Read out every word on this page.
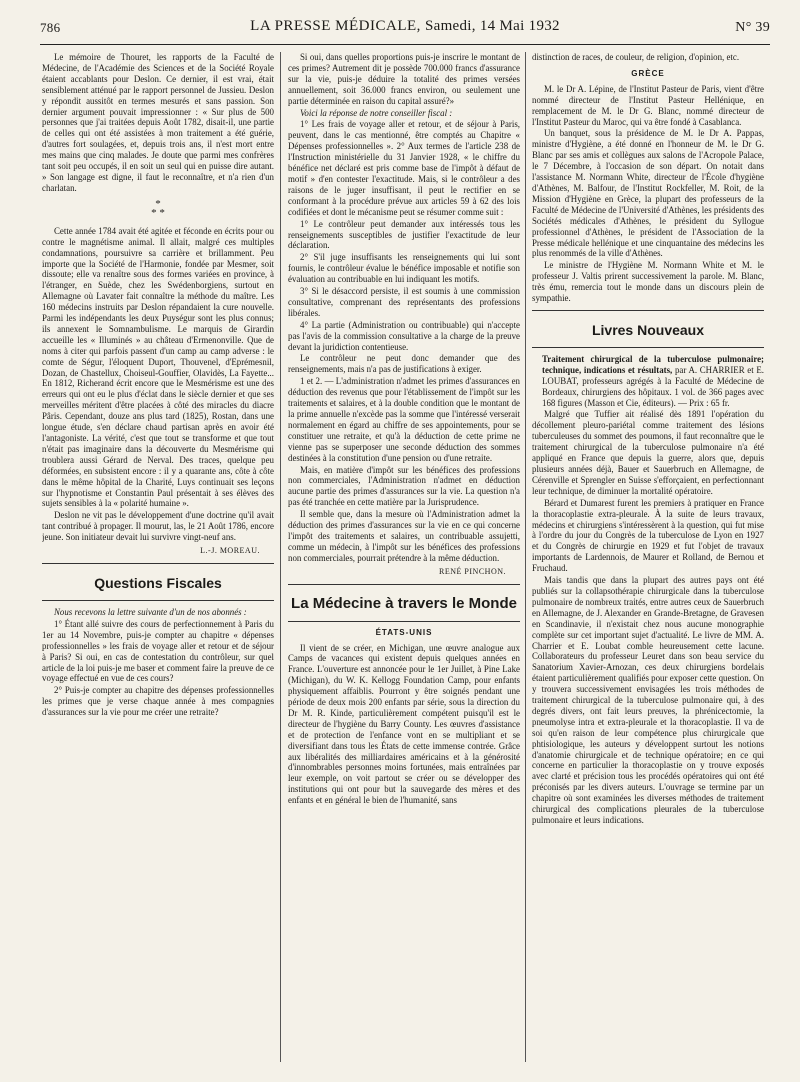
786	LA PRESSE MÉDICALE, Samedi, 14 Mai 1932	N° 39

Le mémoire de Thouret, les rapports de la Faculté de Médecine, de l'Académie des Sciences et de la Société Royale étaient accablants pour Deslon. Ce dernier, il est vrai, était sensiblement atténué par le rapport personnel de Jussieu. Deslon y répondit aussitôt en termes mesurés et sans passion. Son dernier argument pouvait impressionner : « Sur plus de 500 personnes que j'ai traitées depuis Août 1782, disait-il, une partie de celles qui ont été assistées à mon traitement a été guérie, d'autres fort soulagées, et, depuis trois ans, il n'est mort entre mes mains que cinq malades. Je doute que parmi mes confrères tant soit peu occupés, il en soit un seul qui en puisse dire autant. » Son langage est digne, il faut le reconnaître, et n'a rien d'un charlatan.

*
* *

Cette année 1784 avait été agitée et féconde en écrits pour ou contre le magnétisme animal. Il allait, malgré ces multiples condamnations, poursuivre sa carrière et brillamment. Peu importe que la Société de l'Harmonie, fondée par Mesmer, soit dissoute; elle va renaître sous des formes variées en province, à l'étranger, en Suède, chez les Swédenborgiens, surtout en Allemagne où Lavater fait connaître la méthode du maître. Les 160 médecins instruits par Deslon répandaient la cure nouvelle. Parmi les indépendants les deux Puységur sont les plus connus; ils annexent le Somnambulisme. Le marquis de Girardin accueille les « Illuminés » au château d'Ermenonville. Que de noms à citer qui parfois passent d'un camp au camp adverse : le comte de Ségur, l'éloquent Duport, Thouvenel, d'Eprémesnil, Dozan, de Chastellux, Choiseul-Gouffier, Olavidès, La Fayette... En 1812, Richerand écrit encore que le Mesmérisme est une des erreurs qui ont eu le plus d'éclat dans le siècle dernier et que ses merveilles méritent d'être placées à côté des miracles du diacre Pâris. Cependant, douze ans plus tard (1825), Rostan, dans une longue étude, s'en déclare chaud partisan après en avoir été l'antagoniste. La vérité, c'est que tout se transforme et que tout n'était pas imaginaire dans la découverte du Mesmérisme qui troublera aussi Gérard de Nerval. Des traces, quelque peu déformées, en subsistent encore : il y a quarante ans, côte à côte dans le même hôpital de la Charité, Luys continuait ses leçons sur l'hypnotisme et Constantin Paul présentait à ses élèves des sujets sensibles à la « polarité humaine ».

Deslon ne vit pas le développement d'une doctrine qu'il avait tant contribué à propager. Il mourut, las, le 21 Août 1786, encore jeune. Son initiateur devait lui survivre vingt-neuf ans.

L.-J. MOREAU.
Questions Fiscales

Nous recevons la lettre suivante d'un de nos abonnés :

1° Étant allé suivre des cours de perfectionnement à Paris du 1er au 14 Novembre, puis-je compter au chapitre « dépenses professionnelles » les frais de voyage aller et retour et de séjour à Paris? Si oui, en cas de contestation du contrôleur, sur quel article de la loi puis-je me baser et comment faire la preuve de ce voyage effectué en vue de ces cours?

2° Puis-je compter au chapitre des dépenses professionnelles les primes que je verse chaque année à mes compagnies d'assurances sur la vie pour me créer une retraite?

Si oui, dans quelles proportions puis-je inscrire le montant de ces primes? Autrement dit je possède 700.000 francs d'assurance sur la vie, puis-je déduire la totalité des primes versées annuellement, soit 36.000 francs environ, ou seulement une partie déterminée en raison du capital assuré?»

Voici la réponse de notre conseiller fiscal :

1° Les frais de voyage aller et retour, et de séjour à Paris, peuvent, dans le cas mentionné, être comptés au Chapitre « Dépenses professionnelles ». 2° Aux termes de l'article 238 de l'Instruction ministérielle du 31 Janvier 1928, « le chiffre du bénéfice net déclaré est pris comme base de l'impôt à défaut de motif » d'en contester l'exactitude. Mais, si le contrôleur a des raisons de le juger insuffisant, il peut le rectifier en se conformant à la procédure prévue aux articles 59 à 62 des lois codifiées et dont le mécanisme peut se résumer comme suit :

1° Le contrôleur peut demander aux intéressés tous les renseignements susceptibles de justifier l'exactitude de leur déclaration.

2° S'il juge insuffisants les renseignements qui lui sont fournis, le contrôleur évalue le bénéfice imposable et notifie son évaluation au contribuable en lui indiquant les motifs.

3° Si le désaccord persiste, il est soumis à une commission consultative, comprenant des représentants des professions libérales.

4° La partie (Administration ou contribuable) qui n'accepte pas l'avis de la commission consultative a la charge de la preuve devant la juridiction contentieuse.

Le contrôleur ne peut donc demander que des renseignements, mais n'a pas de justifications à exiger.

1 et 2. — L'administration n'admet les primes d'assurances en déduction des revenus que pour l'établissement de l'impôt sur les traitements et salaires, et à la double condition que le montant de la prime annuelle n'excède pas la somme que l'intéressé verserait normalement en égard au chiffre de ses appointements, pour se constituer une retraite, et qu'à la déduction de cette prime ne vienne pas se superposer une seconde déduction des sommes destinées à la constitution d'une pension ou d'une retraite.

Mais, en matière d'impôt sur les bénéfices des professions non commerciales, l'Administration n'admet en déduction aucune partie des primes d'assurances sur la vie. La question n'a pas été tranchée en cette matière par la Jurisprudence.

Il semble que, dans la mesure où l'Administration admet la déduction des primes d'assurances sur la vie en ce qui concerne l'impôt des traitements et salaires, un contribuable assujetti, comme un médecin, à l'impôt sur les bénéfices des professions non commerciales, pourrait prétendre à la même déduction.

RENÉ PINCHON.
La Médecine à travers le Monde
ÉTATS-UNIS

Il vient de se créer, en Michigan, une œuvre analogue aux Camps de vacances qui existent depuis quelques années en France. L'ouverture est annoncée pour le 1er Juillet, à Pine Lake (Michigan), du W. K. Kellogg Foundation Camp, pour enfants physiquement affaiblis. Pourront y être soignés pendant une période de deux mois 200 enfants par série, sous la direction du Dr M. R. Kinde, particulièrement compétent puisqu'il est le directeur de l'hygiène du Barry County. Les œuvres d'assistance et de protection de l'enfance vont en se multipliant et se diversifiant dans tous les États de cette immense contrée. Grâce aux libéralités des milliardaires américains et à la générosité d'innombrables personnes moins fortunées, mais entraînées par leur exemple, on voit partout se créer ou se développer des institutions qui ont pour but la sauvegarde des mères et des enfants et en général le bien de l'humanité, sans

distinction de races, de couleur, de religion, d'opinion, etc.

GRÈCE

M. le Dr A. Lépine, de l'Institut Pasteur de Paris, vient d'être nommé directeur de l'Institut Pasteur Hellénique, en remplacement de M. le Dr G. Blanc, nommé directeur de l'Institut Pasteur du Maroc, qui va être fondé à Casablanca.

Un banquet, sous la présidence de M. le Dr A. Pappas, ministre d'Hygiène, a été donné en l'honneur de M. le Dr G. Blanc par ses amis et collègues aux salons de l'Acropole Palace, le 7 Décembre, à l'occasion de son départ. On notait dans l'assistance M. Normann White, directeur de l'École d'hygiène d'Athènes, M. Balfour, de l'Institut Rockfeller, M. Roit, de la Mission d'Hygiène en Grèce, la plupart des professeurs de la Faculté de Médecine de l'Université d'Athènes, les présidents des Sociétés médicales d'Athènes, le président du Syllogue professionnel d'Athènes, le président de l'Association de la Presse médicale hellénique et une cinquantaine des médecins les plus renommés de la ville d'Athènes.

Le ministre de l'Hygiène M. Normann White et M. le professeur J. Valtis prirent successivement la parole. M. Blanc, très ému, remercia tout le monde dans un discours plein de sympathie.

Livres Nouveaux

Traitement chirurgical de la tuberculose pulmonaire; technique, indications et résultats, par A. CHARRIER et E. LOUBAT, professeurs agrégés à la Faculté de Médecine de Bordeaux, chirurgiens des hôpitaux. 1 vol. de 366 pages avec 168 figures (Masson et Cie, éditeurs). — Prix : 65 fr.

Malgré que Tuffier ait réalisé dès 1891 l'opération du décollement pleuro-pariétal comme traitement des lésions tuberculeuses du sommet des poumons, il faut reconnaître que le traitement chirurgical de la tuberculose pulmonaire n'a été appliqué en France que depuis la guerre, alors que, depuis plusieurs années déjà, Bauer et Sauerbruch en Allemagne, de Cérenville et Sprengler en Suisse s'efforçaient, en perfectionnant leur technique, de diminuer la mortalité opératoire.

Bérard et Dumarest furent les premiers à pratiquer en France la thoracoplastie extra-pleurale. À la suite de leurs travaux, médecins et chirurgiens s'intéressèrent à la question, qui fut mise à l'ordre du jour du Congrès de la tuberculose de Lyon en 1927 et du Congrès de chirurgie en 1929 et fut l'objet de travaux importants de Lardennois, de Maurer et Rolland, de Bernou et Fruchaud.

Mais tandis que dans la plupart des autres pays ont été publiés sur la collapsothérapie chirurgicale dans la tuberculose pulmonaire de nombreux traités, entre autres ceux de Sauerbruch en Allemagne, de J. Alexander en Grande-Bretagne, de Gravesen en Scandinavie, il n'existait chez nous aucune monographie complète sur cet important sujet d'actualité. Le livre de MM. A. Charrier et E. Loubat comble heureusement cette lacune. Collaborateurs du professeur Leuret dans son beau service du Sanatorium Xavier-Arnozan, ces deux chirurgiens bordelais étaient particulièrement qualifiés pour exposer cette question. On y trouvera successivement envisagées les trois méthodes de traitement chirurgical de la tuberculose pulmonaire qui, à des degrés divers, ont fait leurs preuves, la phrénicectomie, la pneumolyse intra et extra-pleurale et la thoracoplastie. Il va de soi qu'en raison de leur compétence plus chirurgicale que phtisiologique, les auteurs y développent surtout les notions d'anatomie chirurgicale et de technique opératoire; en ce qui concerne en particulier la thoracoplastie on y trouve exposés avec clarté et précision tous les procédés opératoires qui ont été préconisés par les divers auteurs. L'ouvrage se termine par un chapitre où sont examinées les diverses méthodes de traitement chirurgical des complications pleurales de la tuberculose pulmonaire et leurs indications.
